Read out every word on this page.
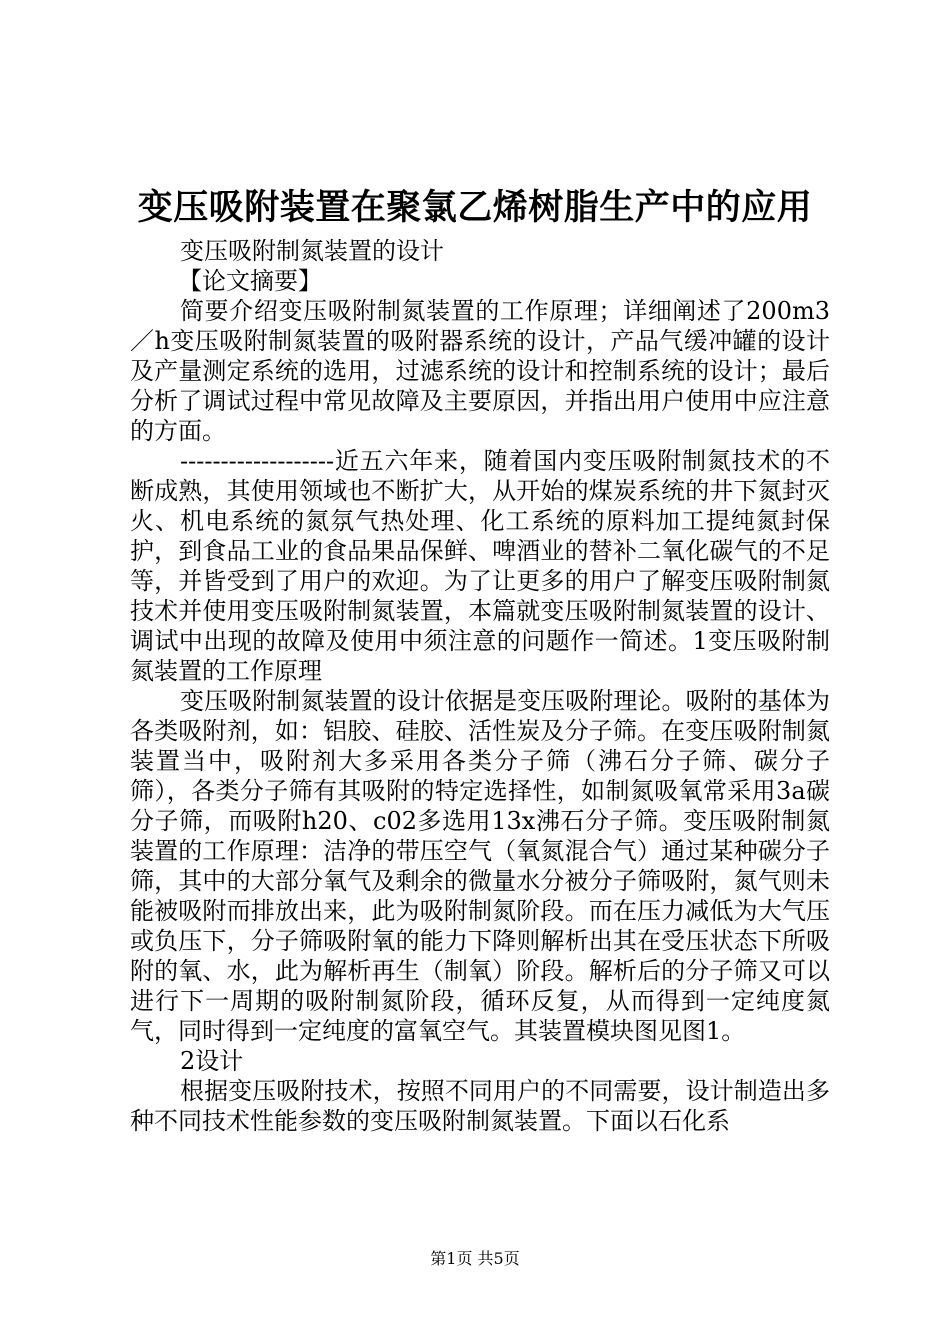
变压吸附装置在聚氯乙烯树脂生产中的应用

变压吸附制氮装置的设计

【论文摘要】

简要介绍变压吸附制氮装置的工作原理；详细阐述了200m3／h变压吸附制氮装置的吸附器系统的设计，产品气缓冲罐的设计及产量测定系统的选用，过滤系统的设计和控制系统的设计；最后分析了调试过程中常见故障及主要原因，并指出用户使用中应注意的方面。

-------------------近五六年来，随着国内变压吸附制氮技术的不断成熟，其使用领域也不断扩大，从开始的煤炭系统的井下氮封灭火、机电系统的氮氛气热处理、化工系统的原料加工提纯氮封保护，到食品工业的食品果品保鲜、啤酒业的替补二氧化碳气的不足等，并皆受到了用户的欢迎。为了让更多的用户了解变压吸附制氮技术并使用变压吸附制氮装置，本篇就变压吸附制氮装置的设计、调试中出现的故障及使用中须注意的问题作一简述。1变压吸附制氮装置的工作原理

变压吸附制氮装置的设计依据是变压吸附理论。吸附的基体为各类吸附剂，如：铝胶、硅胶、活性炭及分子筛。在变压吸附制氮装置当中，吸附剂大多采用各类分子筛（沸石分子筛、碳分子筛），各类分子筛有其吸附的特定选择性，如制氮吸氧常采用3a碳分子筛，而吸附h20、c02多选用13x沸石分子筛。变压吸附制氮装置的工作原理：洁净的带压空气（氧氮混合气）通过某种碳分子筛，其中的大部分氧气及剩余的微量水分被分子筛吸附，氮气则未能被吸附而排放出来，此为吸附制氮阶段。而在压力减低为大气压或负压下，分子筛吸附氧的能力下降则解析出其在受压状态下所吸附的氧、水，此为解析再生（制氧）阶段。解析后的分子筛又可以进行下一周期的吸附制氮阶段，循环反复，从而得到一定纯度氮气，同时得到一定纯度的富氧空气。其装置模块图见图1。

2设计

根据变压吸附技术，按照不同用户的不同需要，设计制造出多种不同技术性能参数的变压吸附制氮装置。下面以石化系

第1页 共5页
